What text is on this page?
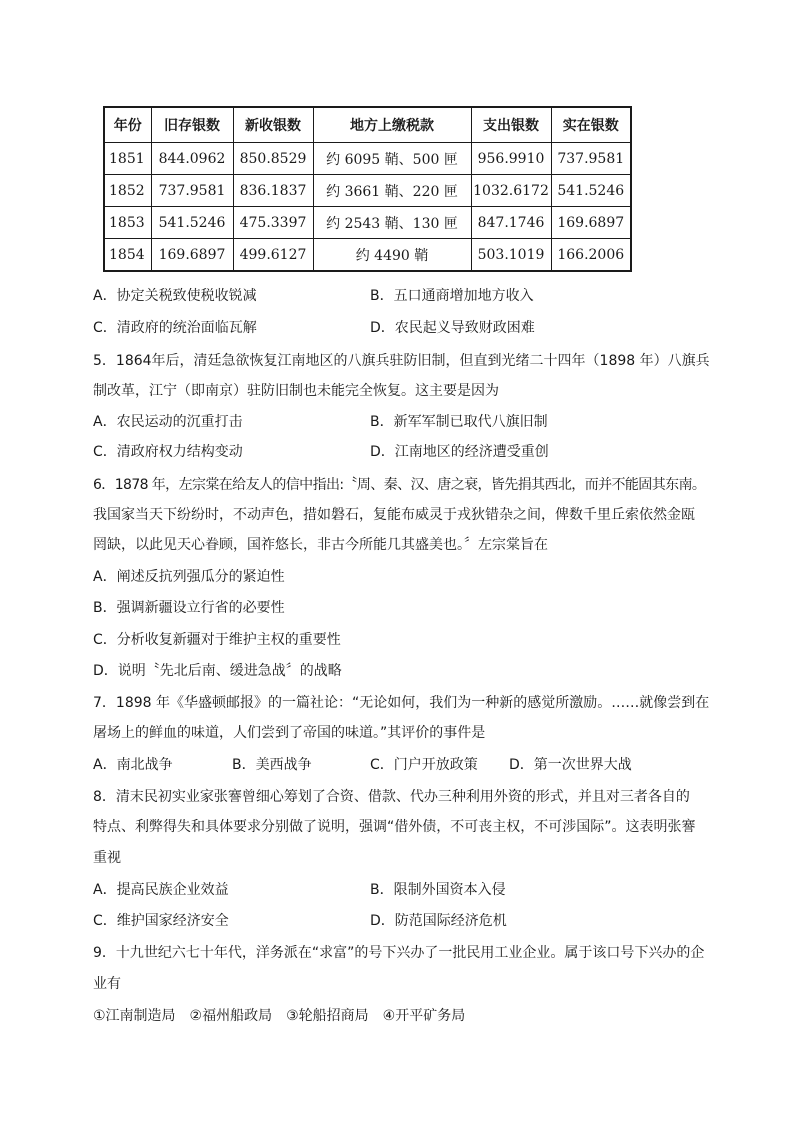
年份	旧存银数	新收银数	地方上缴税款	支出银数	实在银数
1851	844.0962	850.8529	约 6095 鞘、500 匣	956.9910	737.9581
1852	737.9581	836.1837	约 3661 鞘、220 匣	1032.6172	541.5246
1853	541.5246	475.3397	约 2543 鞘、130 匣	847.1746	169.6897
1854	169.6897	499.6127	约 4490 鞘	503.1019	166.2006
A．协定关税致使税收锐减	B．五口通商增加地方收入
C．清政府的统治面临瓦解	D．农民起义导致财政困难
5．1864年后，清廷急欲恢复江南地区的八旗兵驻防旧制，但直到光绪二十四年（1898 年）八旗兵
制改革，江宁（即南京）驻防旧制也未能完全恢复。这主要是因为
A．农民运动的沉重打击	B．新军军制已取代八旗旧制
C．清政府权力结构变动	D．江南地区的经济遭受重创
6．1878 年，左宗棠在给友人的信中指出:〝周、秦、汉、唐之衰，皆先捐其西北，而并不能固其东南。
我国家当天下纷纷时，不动声色，措如磐石，复能布威灵于戎狄错杂之间，俾数千里丘索依然金瓯
罔缺，以此见天心眷顾，国祚悠长，非古今所能几其盛美也。〞左宗棠旨在
A．阐述反抗列强瓜分的紧迫性
B．强调新疆设立行省的必要性
C．分析收复新疆对于维护主权的重要性
D．说明〝先北后南、缓进急战〞的战略
7．1898 年《华盛顿邮报》的一篇社论：“无论如何，我们为一种新的感觉所激励。……就像尝到在
屠场上的鲜血的味道，人们尝到了帝国的味道。”其评价的事件是
A．南北战争	B．美西战争	C．门户开放政策 D．第一次世界大战
8．清末民初实业家张謇曾细心筹划了合资、借款、代办三种利用外资的形式，并且对三者各自的
特点、利弊得失和具体要求分别做了说明，强调“借外债，不可丧主权，不可涉国际”。这表明张謇
重视
A．提高民族企业效益	B．限制外国资本入侵
C．维护国家经济安全	D．防范国际经济危机
9．十九世纪六七十年代，洋务派在“求富”的号下兴办了一批民用工业企业。属于该口号下兴办的企
业有
①江南制造局　②福州船政局　③轮船招商局　④开平矿务局
